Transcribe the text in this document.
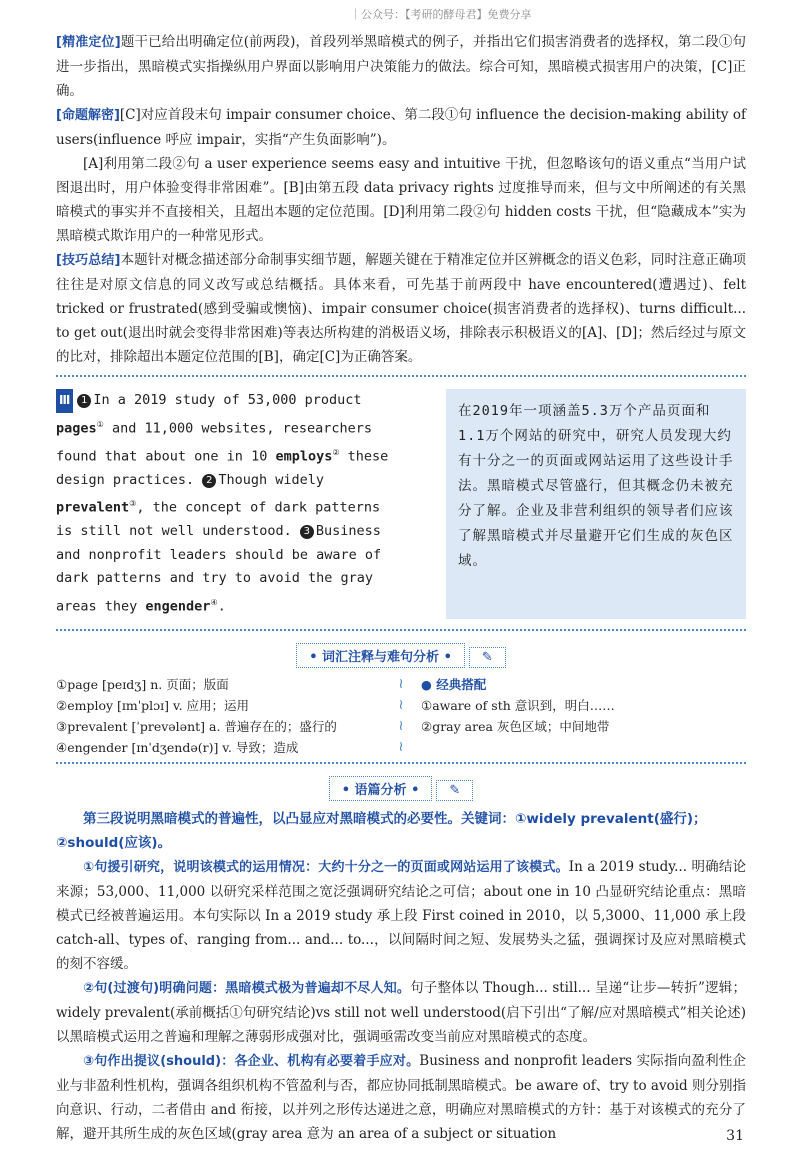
｜公众号：【考研的酵母君】免费分享

[精准定位]题干已给出明确定位(前两段)，首段列举黑暗模式的例子，并指出它们损害消费者的选择权，第二段①句进一步指出，黑暗模式实指操纵用户界面以影响用户决策能力的做法。综合可知，黑暗模式损害用户的决策，[C]正确。

[命题解密][C]对应首段末句 impair consumer choice、第二段①句 influence the decision-making ability of users(influence 呼应 impair，实指“产生负面影响”)。

[A]利用第二段②句 a user experience seems easy and intuitive 干扰，但忽略该句的语义重点“当用户试图退出时，用户体验变得非常困难”。[B]由第五段 data privacy rights 过度推导而来，但与文中所阐述的有关黑暗模式的事实并不直接相关，且超出本题的定位范围。[D]利用第二段②句 hidden costs 干扰，但“隐藏成本”实为黑暗模式欺诈用户的一种常见形式。

[技巧总结]本题针对概念描述部分命制事实细节题，解题关键在于精准定位并区辨概念的语义色彩，同时注意正确项往往是对原文信息的同义改写或总结概括。具体来看，可先基于前两段中 have encountered(遭遇过)、felt tricked or frustrated(感到受骗或懊恼)、impair consumer choice(损害消费者的选择权)、turns difficult... to get out(退出时就会变得非常困难)等表达所构建的消极语义场，排除表示积极语义的[A]、[D]；然后经过与原文的比对，排除超出本题定位范围的[B]，确定[C]为正确答案。

Ⅲ 1 In a 2019 study of 53,000 product pages① and 11,000 websites, researchers found that about one in 10 employs② these design practices. 2 Though widely prevalent③, the concept of dark patterns is still not well understood. 3 Business and nonprofit leaders should be aware of dark patterns and try to avoid the gray areas they engender④.
在2019年一项涵盖5.3万个产品页面和1.1万个网站的研究中，研究人员发现大约有十分之一的页面或网站运用了这些设计手法。黑暗模式尽管盛行，但其概念仍未被充分了解。企业及非营利组织的领导者们应该了解黑暗模式并尽量避开它们生成的灰色区域。
• 词汇注释与难句分析 • ✎
①page [peɪdʒ] n. 页面；版面
②employ [ɪmˈplɔɪ] v. 应用；运用
③prevalent [ˈprevələnt] a. 普遍存在的；盛行的
④engender [ɪnˈdʒendə(r)] v. 导致；造成
≀
≀
≀
≀
● 经典搭配
①aware of sth 意识到，明白……
②gray area 灰色区域；中间地带
• 语篇分析 • ✎

第三段说明黑暗模式的普遍性，以凸显应对黑暗模式的必要性。关键词：①widely prevalent(盛行)；②should(应该)。

①句援引研究，说明该模式的运用情况：大约十分之一的页面或网站运用了该模式。In a 2019 study... 明确结论来源；53,000、11,000 以研究采样范围之宽泛强调研究结论之可信；about one in 10 凸显研究结论重点：黑暗模式已经被普遍运用。本句实际以 In a 2019 study 承上段 First coined in 2010，以 5,3000、11,000 承上段 catch-all、types of、ranging from... and... to...，以间隔时间之短、发展势头之猛，强调探讨及应对黑暗模式的刻不容缓。

②句(过渡句)明确问题：黑暗模式极为普遍却不尽人知。句子整体以 Though... still... 呈递“让步—转折”逻辑；widely prevalent(承前概括①句研究结论)vs still not well understood(启下引出“了解/应对黑暗模式”相关论述)以黑暗模式运用之普遍和理解之薄弱形成强对比，强调亟需改变当前应对黑暗模式的态度。

③句作出提议(should)：各企业、机构有必要着手应对。Business and nonprofit leaders 实际指向盈利性企业与非盈利性机构，强调各组织机构不管盈利与否，都应协同抵制黑暗模式。be aware of、try to avoid 则分别指向意识、行动，二者借由 and 衔接，以并列之形传达递进之意，明确应对黑暗模式的方针：基于对该模式的充分了解，避开其所生成的灰色区域(gray area 意为 an area of a subject or situation	31
